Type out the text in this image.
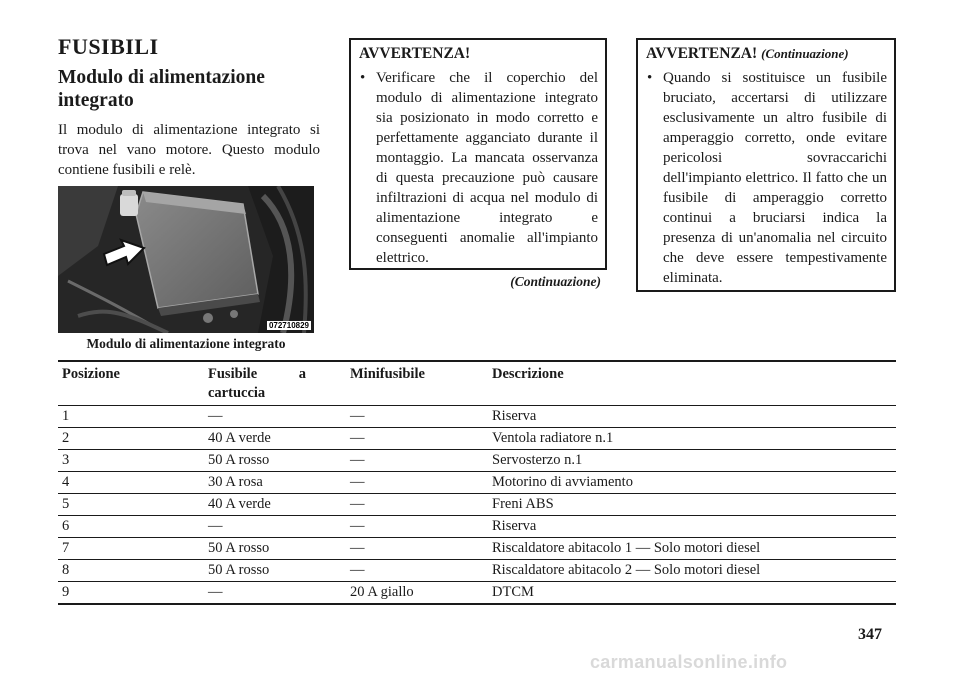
FUSIBILI
Modulo di alimentazione integrato
Il modulo di alimentazione integrato si trova nel vano motore. Questo modulo contiene fusibili e relè.
072710829
Modulo di alimentazione integrato
AVVERTENZA!
• Verificare che il coperchio del modulo di alimentazione integrato sia posizionato in modo corretto e perfettamente agganciato durante il montaggio. La mancata osservanza di questa precauzione può causare infiltrazioni di acqua nel modulo di alimentazione integrato e conseguenti anomalie all'impianto elettrico.
(Continuazione)
AVVERTENZA! (Continuazione)
• Quando si sostituisce un fusibile bruciato, accertarsi di utilizzare esclusivamente un altro fusibile di amperaggio corretto, onde evitare pericolosi sovraccarichi dell'impianto elettrico. Il fatto che un fusibile di amperaggio corretto continui a bruciarsi indica la presenza di un'anomalia nel circuito che deve essere tempestivamente eliminata.
Posizione	Fusibile a cartuccia	Minifusibile	Descrizione
1	—	—	Riserva
2	40 A verde	—	Ventola radiatore n.1
3	50 A rosso	—	Servosterzo n.1
4	30 A rosa	—	Motorino di avviamento
5	40 A verde	—	Freni ABS
6	—	—	Riserva
7	50 A rosso	—	Riscaldatore abitacolo 1 — Solo motori diesel
8	50 A rosso	—	Riscaldatore abitacolo 2 — Solo motori diesel
9	—	20 A giallo	DTCM
347
carmanualsonline.info
